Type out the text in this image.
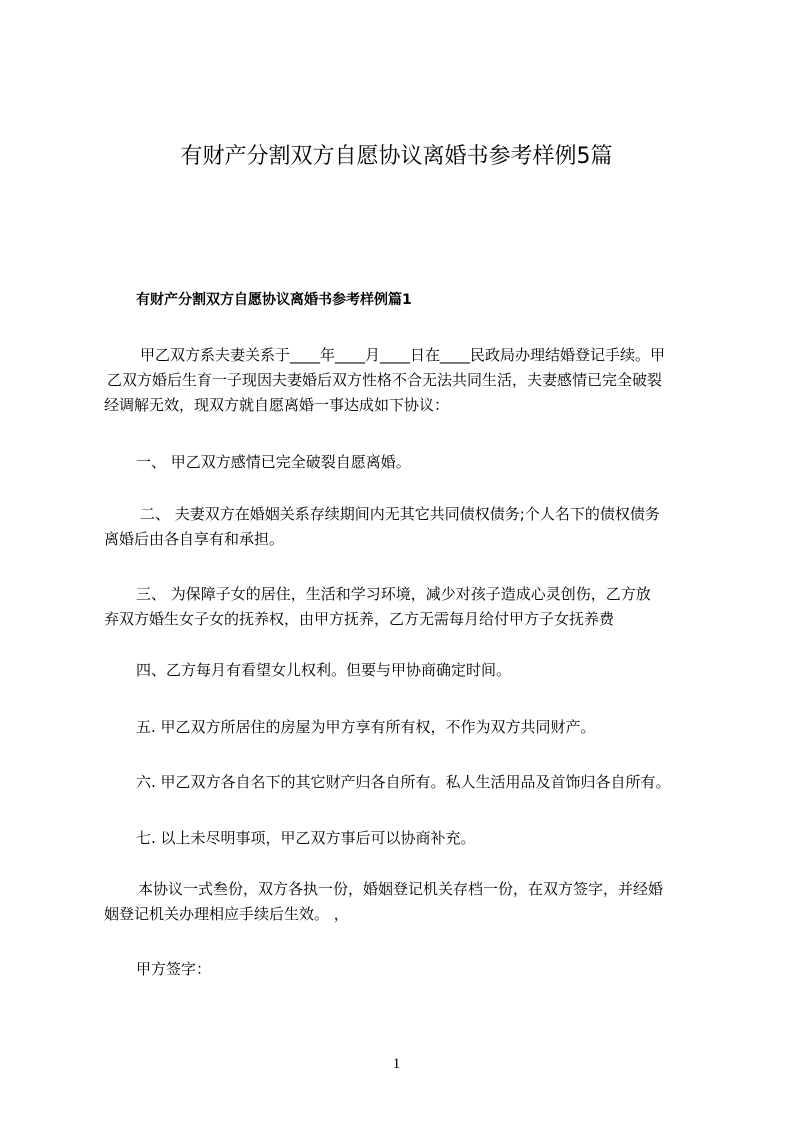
有财产分割双方自愿协议离婚书参考样例5篇
有财产分割双方自愿协议离婚书参考样例篇1
甲乙双方系夫妻关系于____年____月____日在____民政局办理结婚登记手续。甲
乙双方婚后生育一子现因夫妻婚后双方性格不合无法共同生活，夫妻感情已完全破裂
经调解无效，现双方就自愿离婚一事达成如下协议：
一、 甲乙双方感情已完全破裂自愿离婚。
二、 夫妻双方在婚姻关系存续期间内无其它共同债权债务;个人名下的债权债务
离婚后由各自享有和承担。
三、 为保障子女的居住，生活和学习环境，减少对孩子造成心灵创伤，乙方放
弃双方婚生女子女的抚养权，由甲方抚养，乙方无需每月给付甲方子女抚养费
四、乙方每月有看望女儿权利。但要与甲协商确定时间。
五. 甲乙双方所居住的房屋为甲方享有所有权，不作为双方共同财产。
六. 甲乙双方各自名下的其它财产归各自所有。私人生活用品及首饰归各自所有。
七. 以上未尽明事项，甲乙双方事后可以协商补充。
本协议一式叁份，双方各执一份，婚姻登记机关存档一份，在双方签字，并经婚
姻登记机关办理相应手续后生效。 ，
甲方签字：
1
